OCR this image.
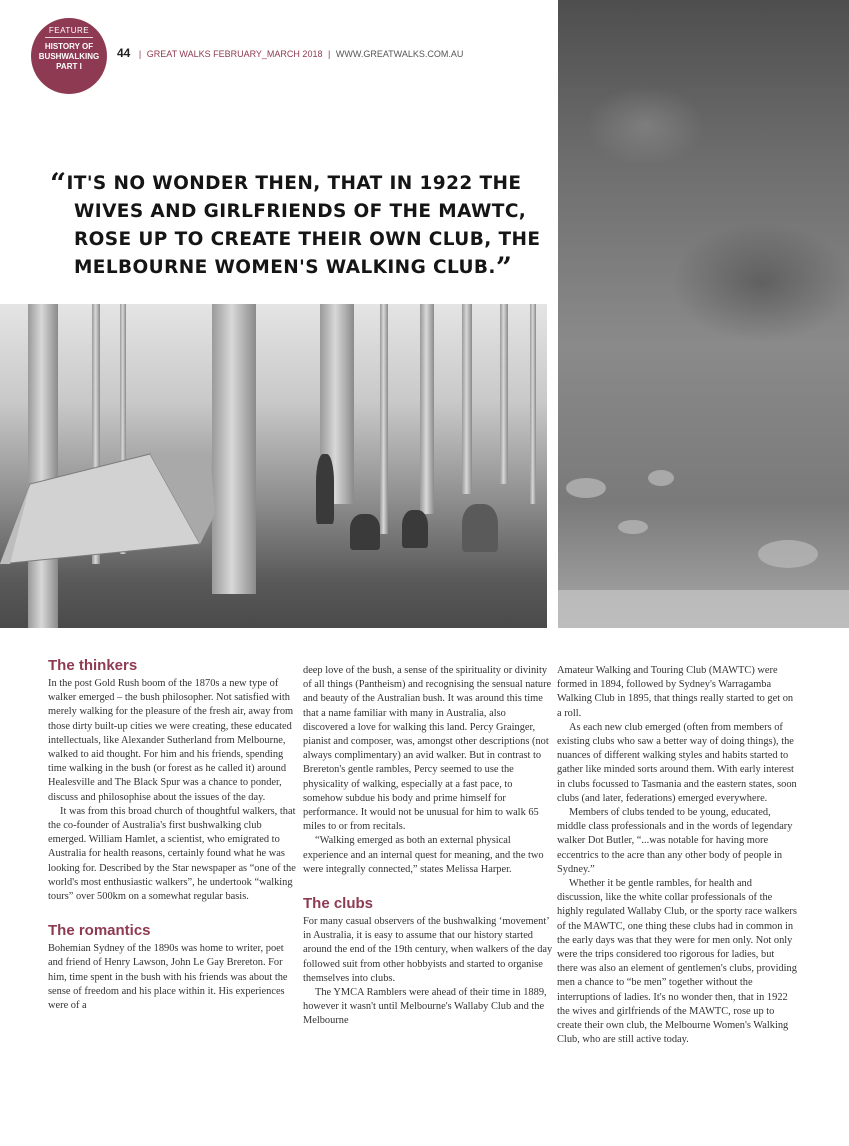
FEATURE
HISTORY OF
BUSHWALKING
PART I
44 | GREAT WALKS FEBRUARY_MARCH 2018 | WWW.GREATWALKS.COM.AU
“IT'S NO WONDER THEN, THAT IN 1922 THE
WIVES AND GIRLFRIENDS OF THE MAWTC,
ROSE UP TO CREATE THEIR OWN CLUB, THE
MELBOURNE WOMEN'S WALKING CLUB.”
The thinkers

In the post Gold Rush boom of the 1870s a new type of walker emerged – the bush philosopher. Not satisfied with merely walking for the pleasure of the fresh air, away from those dirty built-up cities we were creating, these educated intellectuals, like Alexander Sutherland from Melbourne, walked to aid thought. For him and his friends, spending time walking in the bush (or forest as he called it) around Healesville and The Black Spur was a chance to ponder, discuss and philosophise about the issues of the day.

It was from this broad church of thoughtful walkers, that the co-founder of Australia's first bushwalking club emerged. William Hamlet, a scientist, who emigrated to Australia for health reasons, certainly found what he was looking for. Described by the Star newspaper as “one of the world's most enthusiastic walkers”, he undertook “walking tours” over 500km on a somewhat regular basis.

The romantics

Bohemian Sydney of the 1890s was home to writer, poet and friend of Henry Lawson, John Le Gay Brereton. For him, time spent in the bush with his friends was about the sense of freedom and his place within it. His experiences were of a

deep love of the bush, a sense of the spirituality or divinity of all things (Pantheism) and recognising the sensual nature and beauty of the Australian bush. It was around this time that a name familiar with many in Australia, also discovered a love for walking this land. Percy Grainger, pianist and composer, was, amongst other descriptions (not always complimentary) an avid walker. But in contrast to Brereton's gentle rambles, Percy seemed to use the physicality of walking, especially at a fast pace, to somehow subdue his body and prime himself for performance. It would not be unusual for him to walk 65 miles to or from recitals.

“Walking emerged as both an external physical experience and an internal quest for meaning, and the two were integrally connected,” states Melissa Harper.

The clubs

For many casual observers of the bushwalking ‘movement’ in Australia, it is easy to assume that our history started around the end of the 19th century, when walkers of the day followed suit from other hobbyists and started to organise themselves into clubs.

The YMCA Ramblers were ahead of their time in 1889, however it wasn't until Melbourne's Wallaby Club and the Melbourne

Amateur Walking and Touring Club (MAWTC) were formed in 1894, followed by Sydney's Warragamba Walking Club in 1895, that things really started to get on a roll.

As each new club emerged (often from members of existing clubs who saw a better way of doing things), the nuances of different walking styles and habits started to gather like minded sorts around them. With early interest in clubs focussed to Tasmania and the eastern states, soon clubs (and later, federations) emerged everywhere.

Members of clubs tended to be young, educated, middle class professionals and in the words of legendary walker Dot Butler, “...was notable for having more eccentrics to the acre than any other body of people in Sydney.”

Whether it be gentle rambles, for health and discussion, like the white collar professionals of the highly regulated Wallaby Club, or the sporty race walkers of the MAWTC, one thing these clubs had in common in the early days was that they were for men only. Not only were the trips considered too rigorous for ladies, but there was also an element of gentlemen's clubs, providing men a chance to “be men” together without the interruptions of ladies. It's no wonder then, that in 1922 the wives and girlfriends of the MAWTC, rose up to create their own club, the Melbourne Women's Walking Club, who are still active today.
